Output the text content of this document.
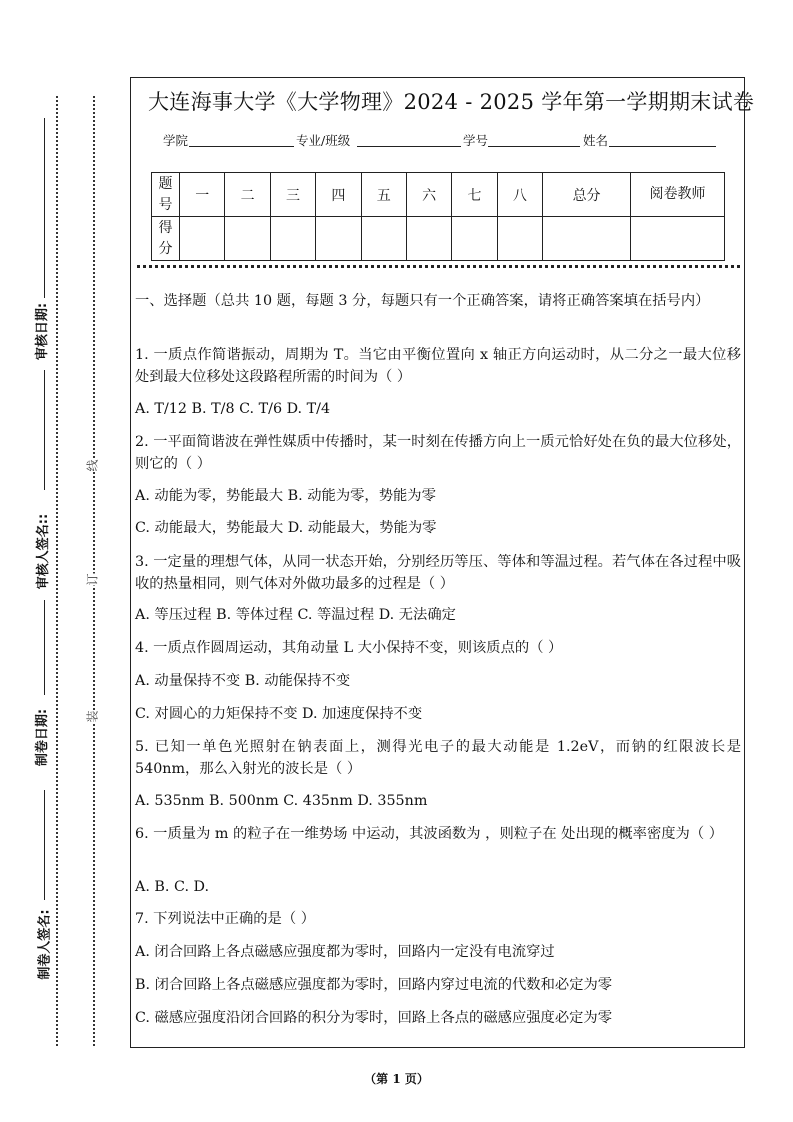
审核日期:
审核人签名::
制卷日期:
制卷人签名:
线
订
装
大连海事大学《大学物理》2024 - 2025 学年第一学期期末试卷
学院	专业/班级	学号	姓名
题号	一	二	三	四	五	六	七	八	总分	阅卷教师
得分										
一、选择题（总共 10 题，每题 3 分，每题只有一个正确答案，请将正确答案填在括号内）
1. 一质点作简谐振动，周期为 T。当它由平衡位置向 x 轴正方向运动时，从二分之一最大位移处到最大位移处这段路程所需的时间为（ ）
A. T/12 B. T/8 C. T/6 D. T/4
2. 一平面简谐波在弹性媒质中传播时，某一时刻在传播方向上一质元恰好处在负的最大位移处，则它的（ ）
A. 动能为零，势能最大 B. 动能为零，势能为零
C. 动能最大，势能最大 D. 动能最大，势能为零
3. 一定量的理想气体，从同一状态开始，分别经历等压、等体和等温过程。若气体在各过程中吸收的热量相同，则气体对外做功最多的过程是（ ）
A. 等压过程 B. 等体过程 C. 等温过程 D. 无法确定
4. 一质点作圆周运动，其角动量 L 大小保持不变，则该质点的（ ）
A. 动量保持不变 B. 动能保持不变
C. 对圆心的力矩保持不变 D. 加速度保持不变
5. 已知一单色光照射在钠表面上，测得光电子的最大动能是 1.2eV，而钠的红限波长是 540nm，那么入射光的波长是（ ）
A. 535nm B. 500nm C. 435nm D. 355nm
6. 一质量为 m 的粒子在一维势场 中运动，其波函数为 ，则粒子在 处出现的概率密度为（ ）
A. B. C. D.
7. 下列说法中正确的是（ ）
A. 闭合回路上各点磁感应强度都为零时，回路内一定没有电流穿过
B. 闭合回路上各点磁感应强度都为零时，回路内穿过电流的代数和必定为零
C. 磁感应强度沿闭合回路的积分为零时，回路上各点的磁感应强度必定为零
（第 1 页）
